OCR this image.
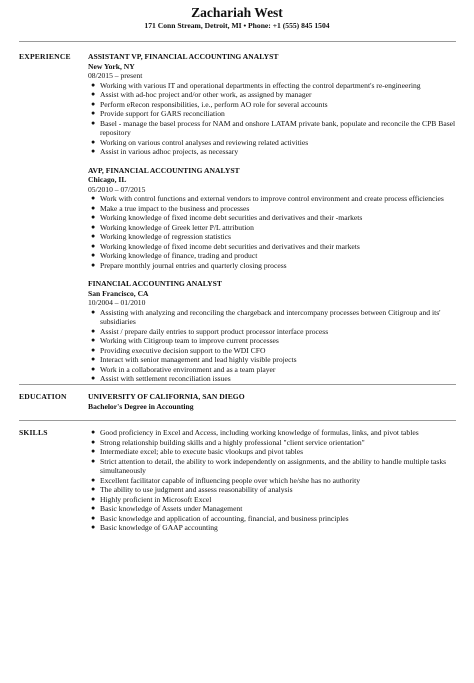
Zachariah West
171 Conn Stream, Detroit, MI • Phone: +1 (555) 845 1504
EXPERIENCE ASSISTANT VP, FINANCIAL ACCOUNTING ANALYST
New York, NY
08/2015 – present
● Working with various IT and operational departments in effecting the control department's re-engineering
● Assist with ad-hoc project and/or other work, as assigned by manager
● Perform eRecon responsibilities, i.e., perform AO role for several accounts
● Provide support for GARS reconciliation
● Basel - manage the basel process for NAM and onshore LATAM private bank, populate and reconcile the CPB Basel repository
● Working on various control analyses and reviewing related activities
● Assist in various adhoc projects, as necessary
AVP, FINANCIAL ACCOUNTING ANALYST
Chicago, IL
05/2010 – 07/2015
● Work with control functions and external vendors to improve control environment and create process efficiencies
● Make a true impact to the business and processes
● Working knowledge of fixed income debt securities and derivatives and their -markets
● Working knowledge of Greek letter P/L attribution
● Working knowledge of regression statistics
● Working knowledge of fixed income debt securities and derivatives and their markets
● Working knowledge of finance, trading and product
● Prepare monthly journal entries and quarterly closing process
FINANCIAL ACCOUNTING ANALYST
San Francisco, CA
10/2004 – 01/2010
● Assisting with analyzing and reconciling the chargeback and intercompany processes between Citigroup and its' subsidiaries
● Assist / prepare daily entries to support product processor interface process
● Working with Citigroup team to improve current processes
● Providing executive decision support to the WDI CFO
● Interact with senior management and lead highly visible projects
● Work in a collaborative environment and as a team player
● Assist with settlement reconciliation issues
EDUCATION	UNIVERSITY OF CALIFORNIA, SAN DIEGO
Bachelor's Degree in Accounting
SKILLS	● Good proficiency in Excel and Access, including working knowledge of formulas, links, and pivot tables
● Strong relationship building skills and a highly professional "client service orientation"
● Intermediate excel; able to execute basic vlookups and pivot tables
● Strict attention to detail, the ability to work independently on assignments, and the ability to handle multiple tasks simultaneously
● Excellent facilitator capable of influencing people over which he/she has no authority
● The ability to use judgment and assess reasonability of analysis
● Highly proficient in Microsoft Excel
● Basic knowledge of Assets under Management
● Basic knowledge and application of accounting, financial, and business principles
● Basic knowledge of GAAP accounting
